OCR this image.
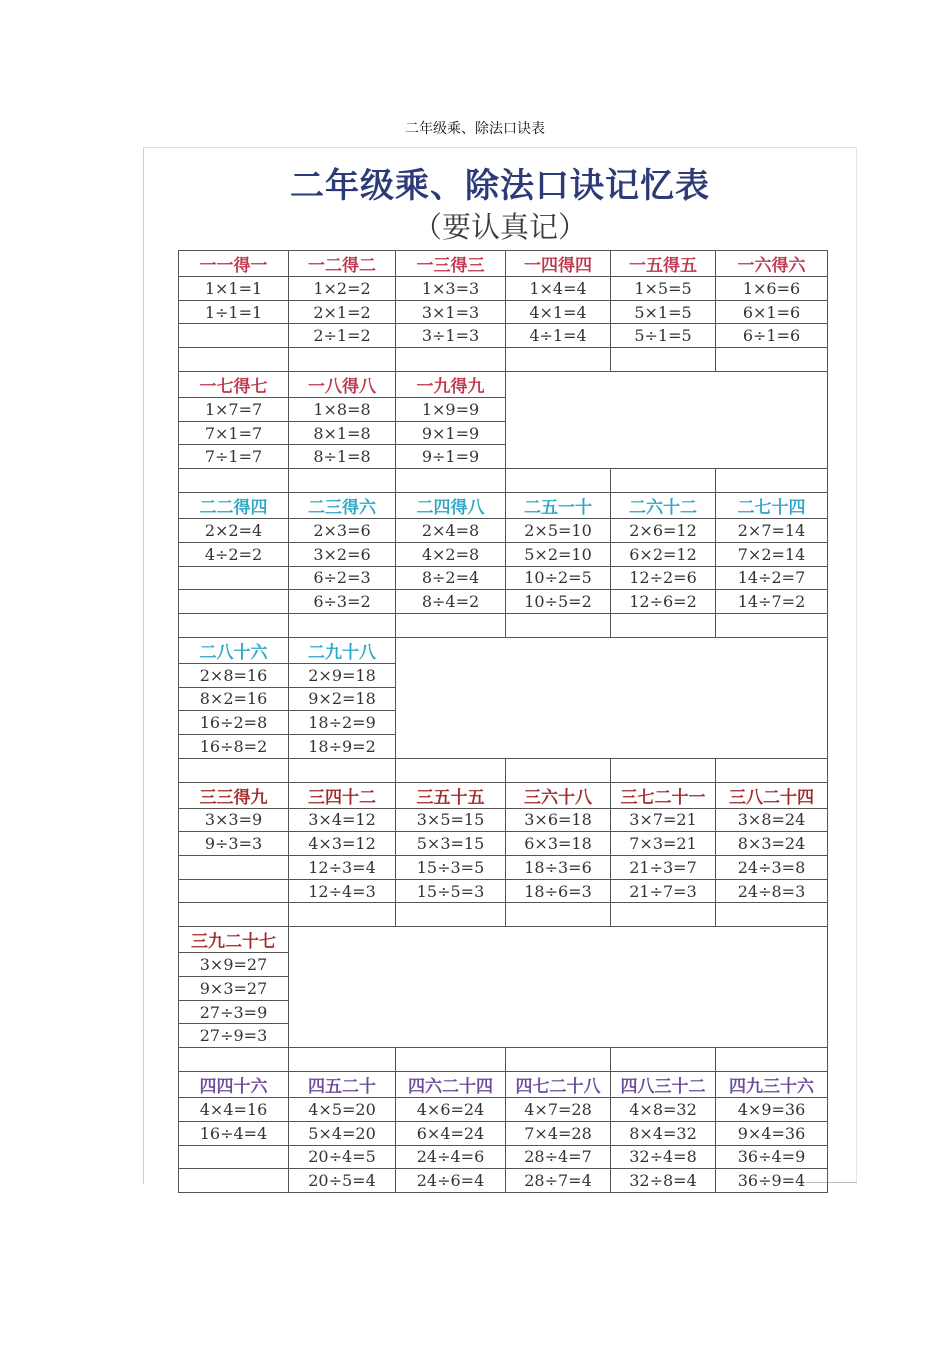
二年级乘、除法口诀表
二年级乘、除法口诀记忆表
（要认真记）
一一得一	一二得二	一三得三	一四得四	一五得五	一六得六
1×1=1	1×2=2	1×3=3	1×4=4	1×5=5	1×6=6
1÷1=1	2×1=2	3×1=3	4×1=4	5×1=5	6×1=6
	2÷1=2	3÷1=3	4÷1=4	5÷1=5	6÷1=6

一七得七	一八得八	一九得九			
1×7=7	1×8=8	1×9=9			
7×1=7	8×1=8	9×1=9			
7÷1=7	8÷1=8	9÷1=9			

二二得四	二三得六	二四得八	二五一十	二六十二	二七十四
2×2=4	2×3=6	2×4=8	2×5=10	2×6=12	2×7=14
4÷2=2	3×2=6	4×2=8	5×2=10	6×2=12	7×2=14
	6÷2=3	8÷2=4	10÷2=5	12÷2=6	14÷2=7
	6÷3=2	8÷4=2	10÷5=2	12÷6=2	14÷7=2

二八十六	二九十八				
2×8=16	2×9=18				
8×2=16	9×2=18				
16÷2=8	18÷2=9				
16÷8=2	18÷9=2				

三三得九	三四十二	三五十五	三六十八	三七二十一	三八二十四
3×3=9	3×4=12	3×5=15	3×6=18	3×7=21	3×8=24
9÷3=3	4×3=12	5×3=15	6×3=18	7×3=21	8×3=24
	12÷3=4	15÷3=5	18÷3=6	21÷3=7	24÷3=8
	12÷4=3	15÷5=3	18÷6=3	21÷7=3	24÷8=3

三九二十七					
3×9=27					
9×3=27					
27÷3=9					
27÷9=3					

四四十六	四五二十	四六二十四	四七二十八	四八三十二	四九三十六
4×4=16	4×5=20	4×6=24	4×7=28	4×8=32	4×9=36
16÷4=4	5×4=20	6×4=24	7×4=28	8×4=32	9×4=36
	20÷4=5	24÷4=6	28÷4=7	32÷4=8	36÷4=9
	20÷5=4	24÷6=4	28÷7=4	32÷8=4	36÷9=4
